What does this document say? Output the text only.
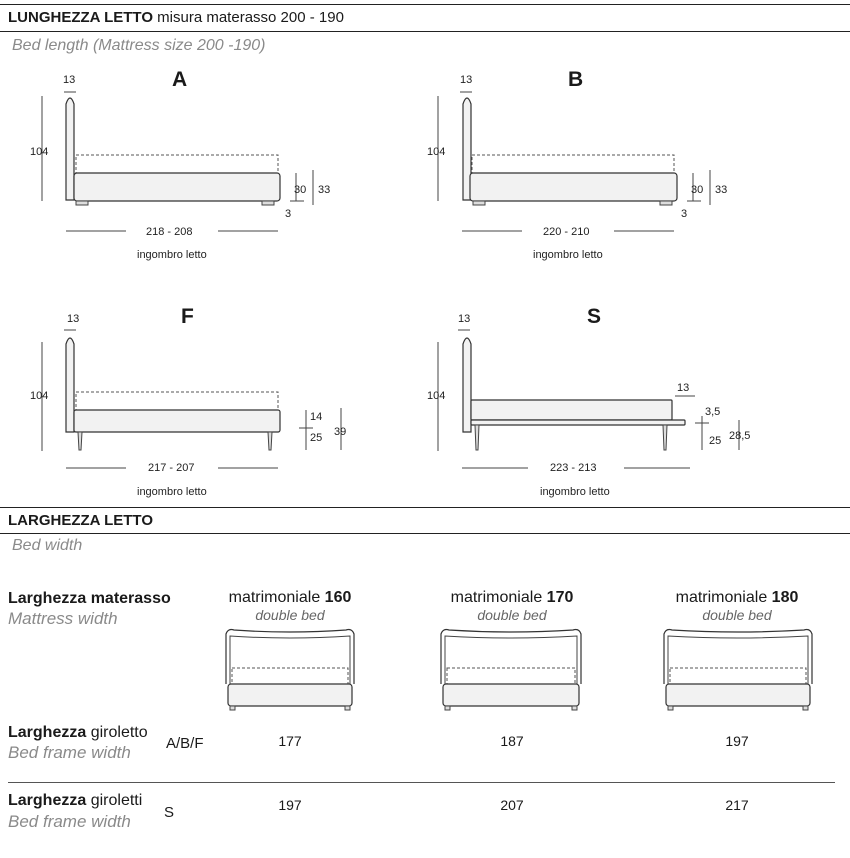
LUNGHEZZA LETTO misura materasso 200 - 190
Bed length (Mattress size 200 -190)
A
13
104
30 33
3
218 - 208
ingombro letto
B
13
104
30 33
3
220 - 210
ingombro letto
F
13
104
14
25 39
217 - 207
ingombro letto
S
13
104
13
3,5
25 28,5
223 - 213
ingombro letto
LARGHEZZA LETTO
Bed width
Larghezza materasso
Mattress width
matrimoniale 160
double bed
matrimoniale 170
double bed
matrimoniale 180
double bed
Larghezza giroletto
Bed frame width A/B/F	177	187	197
Larghezza giroletti
Bed frame width S	197	207	217
